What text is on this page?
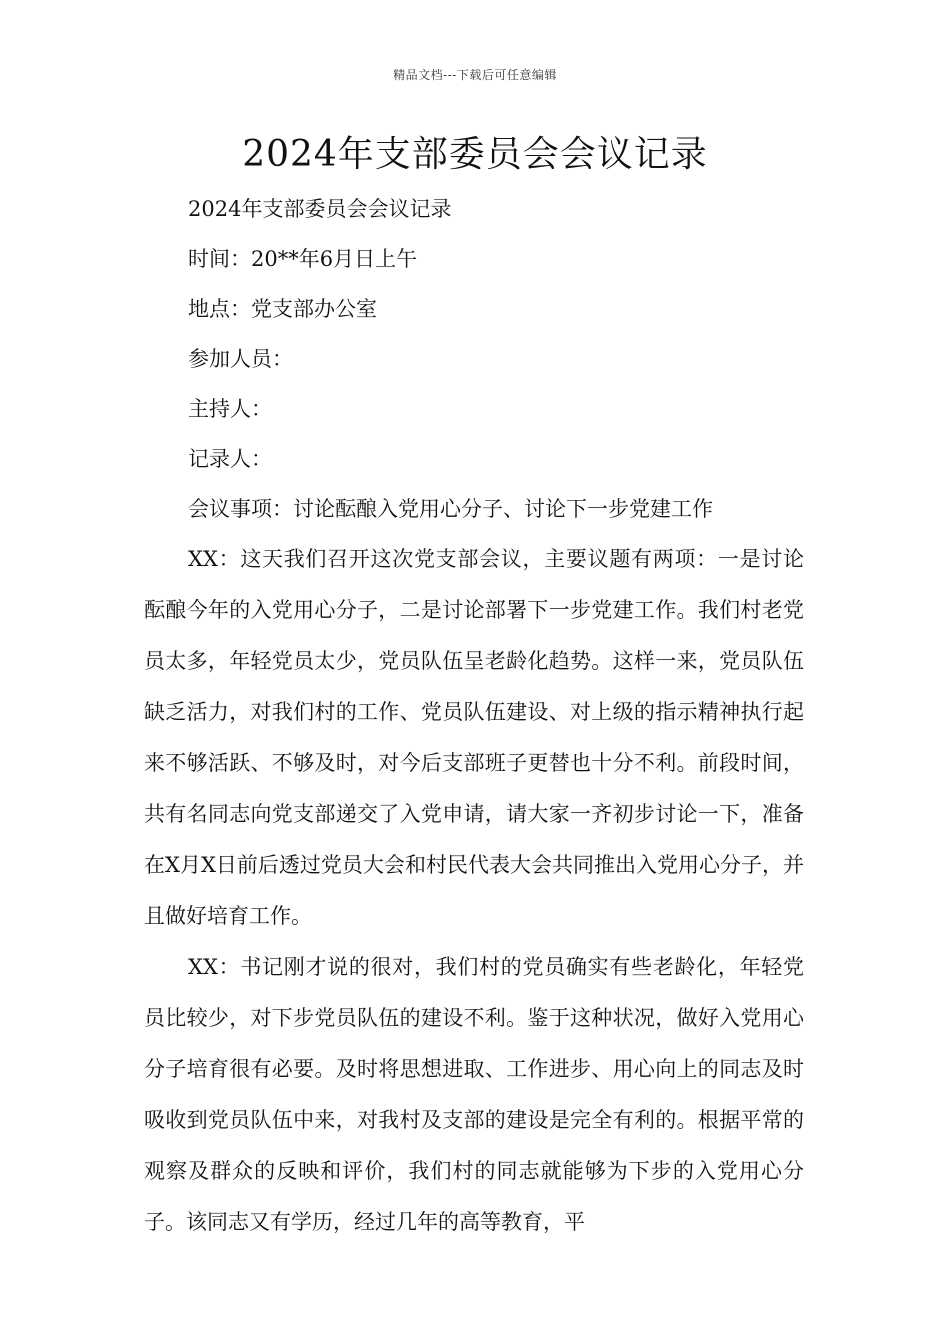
精品文档---下载后可任意编辑
2024年支部委员会会议记录

2024年支部委员会会议记录

时间：20**年6月日上午

地点：党支部办公室

参加人员：

主持人：

记录人：

会议事项：讨论酝酿入党用心分子、讨论下一步党建工作

XX：这天我们召开这次党支部会议，主要议题有两项：一是讨论酝酿今年的入党用心分子，二是讨论部署下一步党建工作。我们村老党员太多，年轻党员太少，党员队伍呈老龄化趋势。这样一来，党员队伍缺乏活力，对我们村的工作、党员队伍建设、对上级的指示精神执行起来不够活跃、不够及时，对今后支部班子更替也十分不利。前段时间，共有名同志向党支部递交了入党申请，请大家一齐初步讨论一下，准备在X月X日前后透过党员大会和村民代表大会共同推出入党用心分子，并且做好培育工作。

XX：书记刚才说的很对，我们村的党员确实有些老龄化，年轻党员比较少，对下步党员队伍的建设不利。鉴于这种状况，做好入党用心分子培育很有必要。及时将思想进取、工作进步、用心向上的同志及时吸收到党员队伍中来，对我村及支部的建设是完全有利的。根据平常的观察及群众的反映和评价，我们村的同志就能够为下步的入党用心分子。该同志又有学历，经过几年的高等教育，平
